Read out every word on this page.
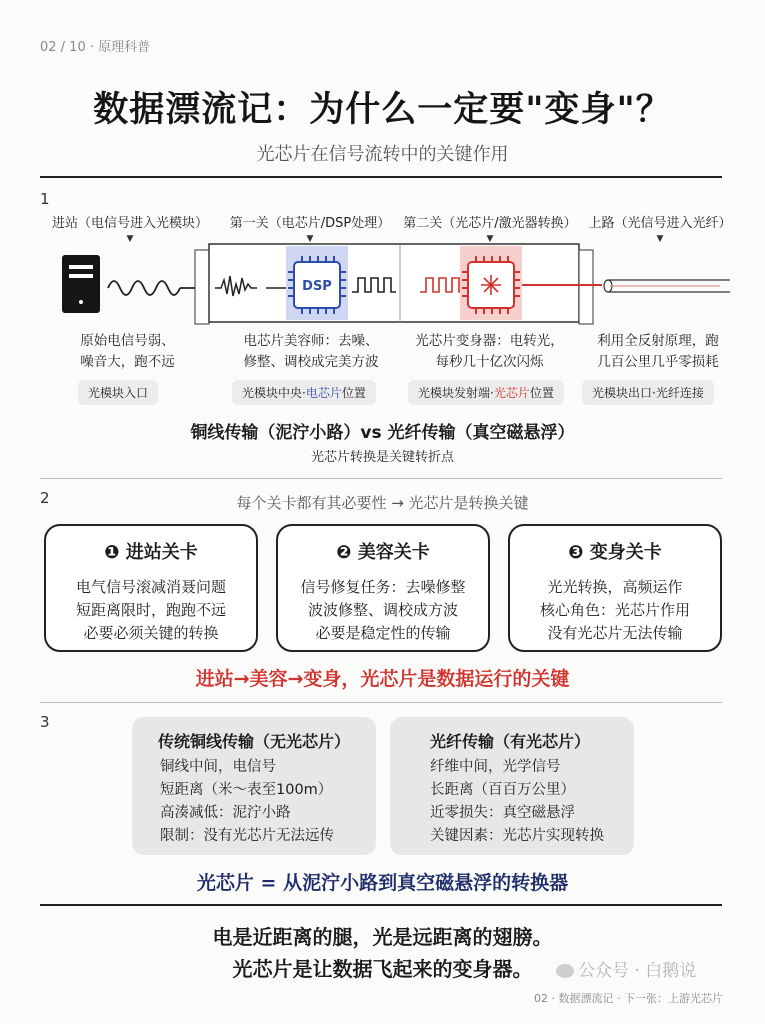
02 / 10 · 原理科普
数据漂流记：为什么一定要"变身"？
光芯片在信号流转中的关键作用
1
进站（电信号进入光模块）	第一关（电芯片/DSP处理）	第二关（光芯片/激光器转换） 上路（光信号进入光纤）
▼	▼	▼	▼
DSP
原始电信号弱、
噪音大，跑不远
电芯片美容师：去噪、
修整、调校成完美方波
光芯片变身器：电转光，
每秒几十亿次闪烁
利用全反射原理，跑
几百公里几乎零损耗
光模块入口	光模块中央·电芯片位置	光模块发射端·光芯片位置	光模块出口·光纤连接
铜线传输（泥泞小路）vs 光纤传输（真空磁悬浮）
光芯片转换是关键转折点
2	每个关卡都有其必要性 → 光芯片是转换关键
❶ 进站关卡
电气信号滚减消聂问题
短距离限时，跑跑不远
必要必须关键的转换
❷ 美容关卡
信号修复任务：去噪修整
波波修整、调校成方波
必要是稳定性的传输
❸ 变身关卡
光光转换，高频运作
核心角色：光芯片作用
没有光芯片无法传输
进站→美容→变身，光芯片是数据运行的关键
3
传统铜线传输（无光芯片）
铜线中间，电信号
短距离（米～表至100m）
高湊减低：泥泞小路
限制：没有光芯片无法远传
光纤传输（有光芯片）
纤维中间，光学信号
长距离（百百万公里）
近零损失：真空磁悬浮
关键因素：光芯片实现转换
光芯片 = 从泥泞小路到真空磁悬浮的转换器
电是近距离的腿，光是远距离的翅膀。
光芯片是让数据飞起来的变身器。
02 · 数据漂流记 · 下一张：上游光芯片
公众号 · 白鹅说
